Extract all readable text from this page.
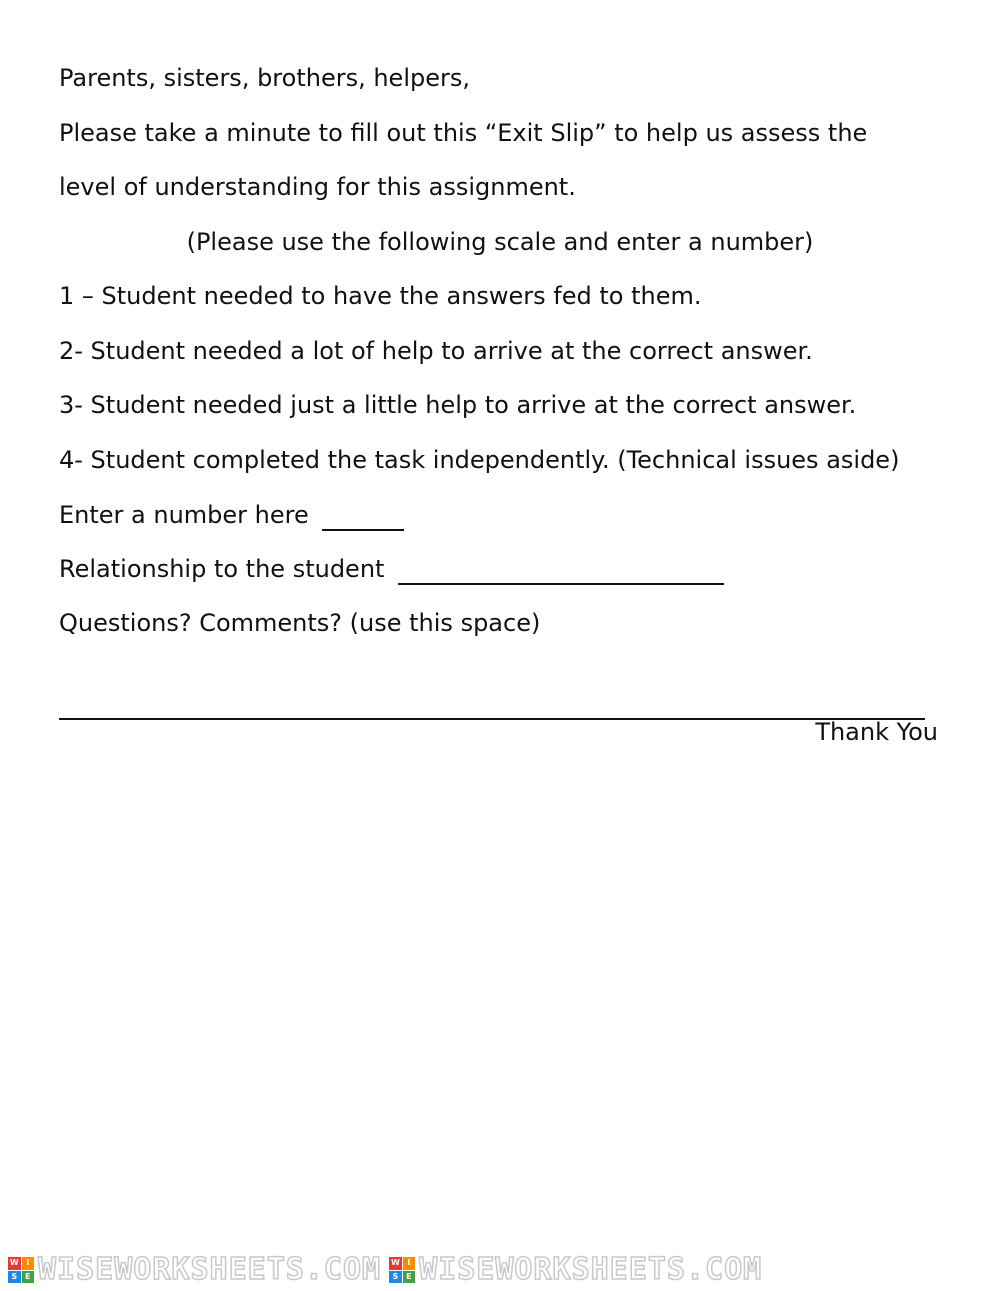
Parents, sisters, brothers, helpers,
Please take a minute to fill out this “Exit Slip” to help us assess the
level of understanding for this assignment.
(Please use the following scale and enter a number)
1 – Student needed to have the answers fed to them.
2- Student needed a lot of help to arrive at the correct answer.
3- Student needed just a little help to arrive at the correct answer.
4- Student completed the task independently. (Technical issues aside)
Enter a number here
Relationship to the student
Questions? Comments? (use this space)
Thank You
W I
S E WISEWORKSHEETS.COM W I
S E WISEWORKSHEETS.COM
